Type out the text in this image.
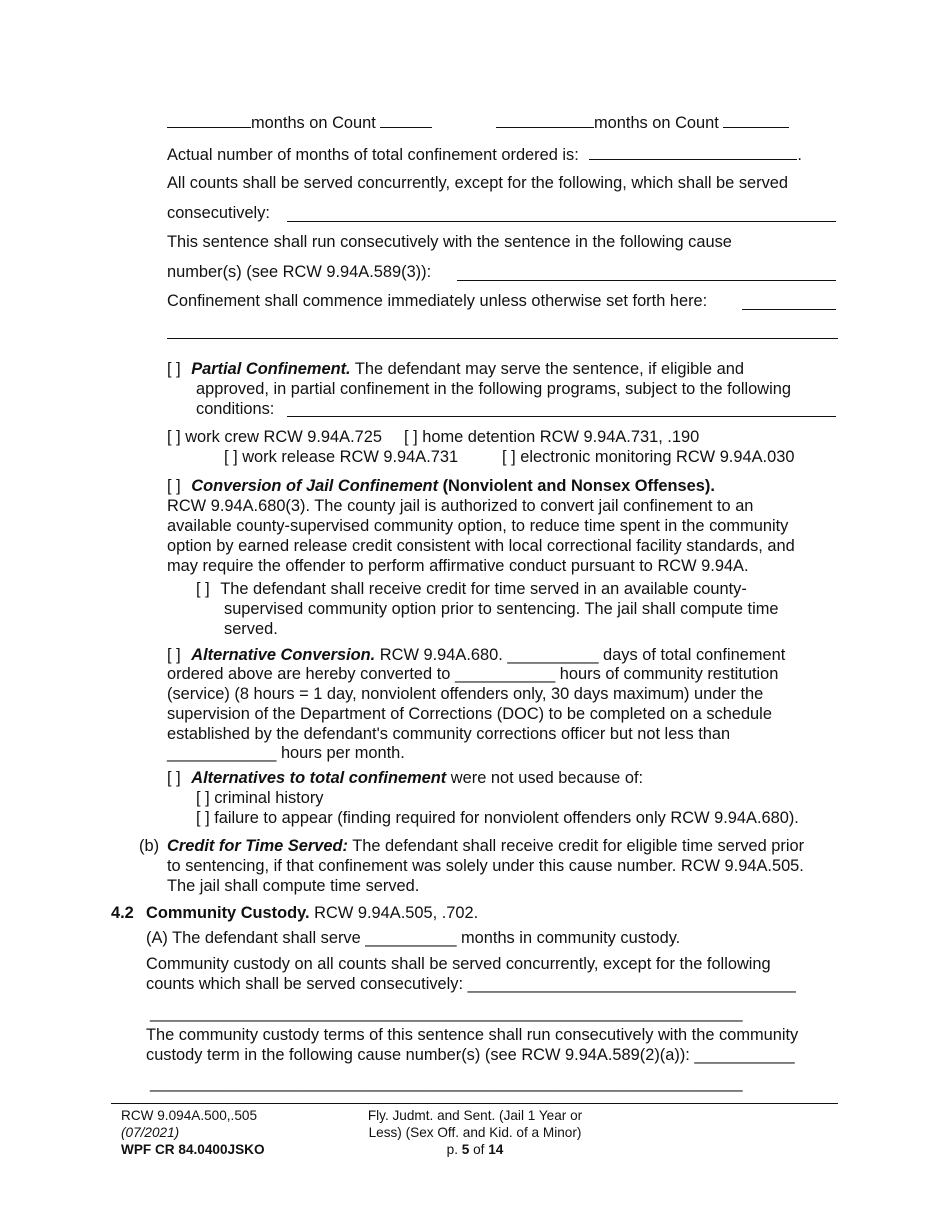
months on Count	months on Count
Actual number of months of total confinement ordered is:	.
All counts shall be served concurrently, except for the following, which shall be served
consecutively:
This sentence shall run consecutively with the sentence in the following cause
number(s) (see RCW 9.94A.589(3)):
Confinement shall commence immediately unless otherwise set forth here:
[ ] Partial Confinement. The defendant may serve the sentence, if eligible and
approved, in partial confinement in the following programs, subject to the following
conditions:
[ ] work crew RCW 9.94A.725 [ ] home detention RCW 9.94A.731, .190
[ ] work release RCW 9.94A.731	[ ] electronic monitoring RCW 9.94A.030
[ ] Conversion of Jail Confinement (Nonviolent and Nonsex Offenses).
RCW 9.94A.680(3). The county jail is authorized to convert jail confinement to an
available county-supervised community option, to reduce time spent in the community
option by earned release credit consistent with local correctional facility standards, and
may require the offender to perform affirmative conduct pursuant to RCW 9.94A.
[ ] The defendant shall receive credit for time served in an available county-
supervised community option prior to sentencing. The jail shall compute time
served.
[ ] Alternative Conversion. RCW 9.94A.680. __________ days of total confinement
ordered above are hereby converted to ___________ hours of community restitution
(service) (8 hours = 1 day, nonviolent offenders only, 30 days maximum) under the
supervision of the Department of Corrections (DOC) to be completed on a schedule
established by the defendant's community corrections officer but not less than
____________ hours per month.
[ ] Alternatives to total confinement were not used because of:
[ ] criminal history
[ ] failure to appear (finding required for nonviolent offenders only RCW 9.94A.680).
(b) Credit for Time Served: The defendant shall receive credit for eligible time served prior
to sentencing, if that confinement was solely under this cause number. RCW 9.94A.505.
The jail shall compute time served.
4.2 Community Custody. RCW 9.94A.505, .702.
(A) The defendant shall serve __________ months in community custody.
Community custody on all counts shall be served concurrently, except for the following
counts which shall be served consecutively: ____________________________________
_________________________________________________________________
The community custody terms of this sentence shall run consecutively with the community
custody term in the following cause number(s) (see RCW 9.94A.589(2)(a)): ___________
_________________________________________________________________
RCW 9.094A.500,.505
(07/2021)
WPF CR 84.0400JSKO
Fly. Judmt. and Sent. (Jail 1 Year or
Less) (Sex Off. and Kid. of a Minor)
p. 5 of 14
